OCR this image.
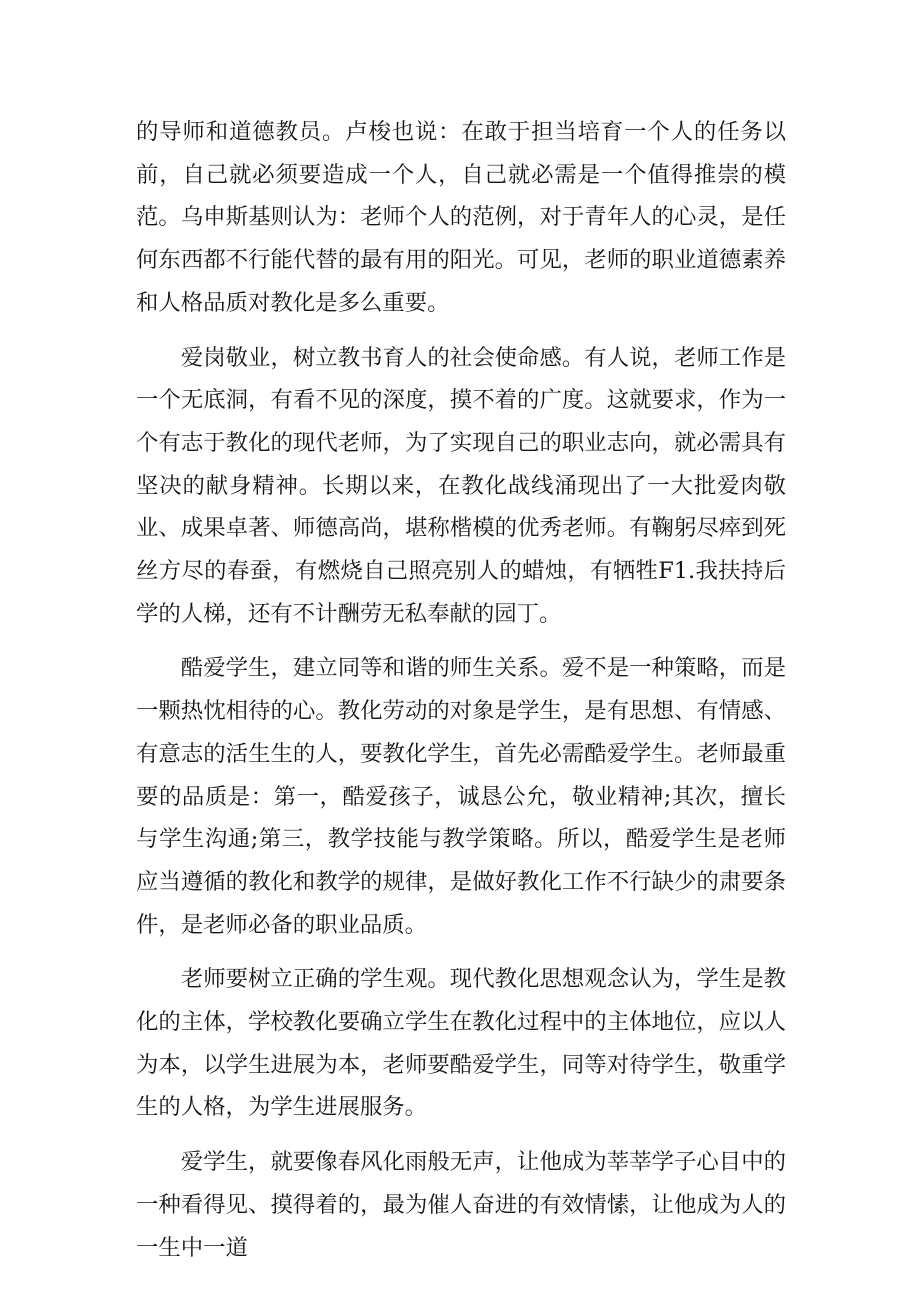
的导师和道德教员。卢梭也说：在敢于担当培育一个人的任务以前，自己就必须要造成一个人，自己就必需是一个值得推崇的模范。乌申斯基则认为：老师个人的范例，对于青年人的心灵，是任何东西都不行能代替的最有用的阳光。可见，老师的职业道德素养和人格品质对教化是多么重要。

爱岗敬业，树立教书育人的社会使命感。有人说，老师工作是一个无底洞，有看不见的深度，摸不着的广度。这就要求，作为一个有志于教化的现代老师，为了实现自己的职业志向，就必需具有坚决的献身精神。长期以来，在教化战线涌现出了一大批爱肉敬业、成果卓著、师德高尚，堪称楷模的优秀老师。有鞠躬尽瘁到死丝方尽的春蚕，有燃烧自己照亮别人的蜡烛，有牺牲F1.我扶持后学的人梯，还有不计酬劳无私奉献的园丁。

酷爱学生，建立同等和谐的师生关系。爱不是一种策略，而是一颗热忱相待的心。教化劳动的对象是学生，是有思想、有情感、有意志的活生生的人，要教化学生，首先必需酷爱学生。老师最重要的品质是：第一，酷爱孩子，诚恳公允，敬业精神;其次，擅长与学生沟通;第三，教学技能与教学策略。所以，酷爱学生是老师应当遵循的教化和教学的规律，是做好教化工作不行缺少的肃要条件，是老师必备的职业品质。

老师要树立正确的学生观。现代教化思想观念认为，学生是教化的主体，学校教化要确立学生在教化过程中的主体地位，应以人为本，以学生进展为本，老师要酷爱学生，同等对待学生，敬重学生的人格，为学生进展服务。

爱学生，就要像春风化雨般无声，让他成为莘莘学子心目中的一种看得见、摸得着的，最为催人奋进的有效情愫，让他成为人的一生中一道
